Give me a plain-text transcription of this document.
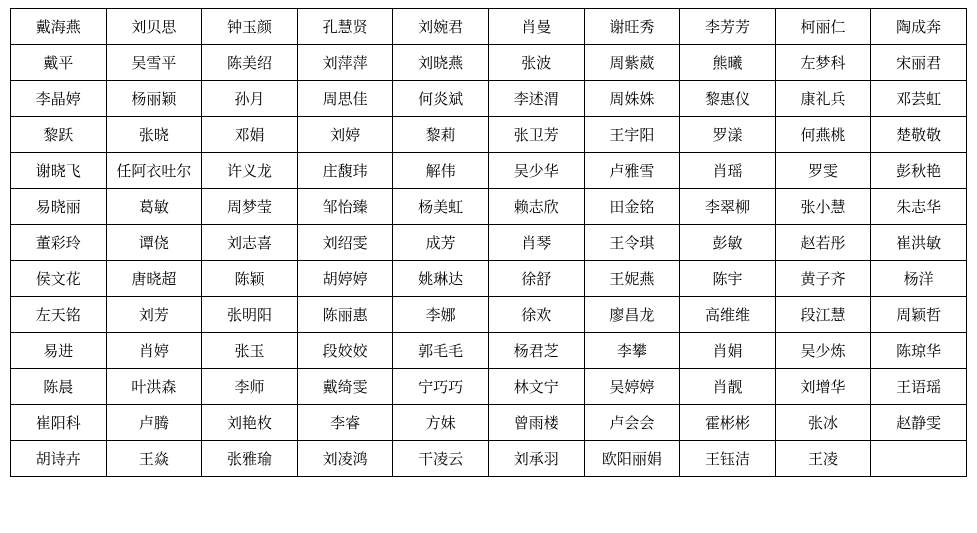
戴海燕	刘贝思	钟玉颜	孔慧贤	刘婉君	肖曼	谢旺秀	李芳芳	柯丽仁	陶成奔
戴平	吴雪平	陈美绍	刘萍萍	刘晓燕	张波	周紫葳	熊曦	左梦科	宋丽君
李晶婷	杨丽颖	孙月	周思佳	何炎斌	李述渭	周姝姝	黎惠仪	康礼兵	邓芸虹
黎跃	张晓	邓娟	刘婷	黎莉	张卫芳	王宇阳	罗漾	何燕桃	楚敬敬
谢晓飞	任阿衣吐尔	许义龙	庄馥玮	解伟	吴少华	卢雅雪	肖瑶	罗雯	彭秋艳
易晓丽	葛敏	周梦莹	邹怡臻	杨美虹	赖志欣	田金铭	李翠柳	张小慧	朱志华
董彩玲	谭侥	刘志喜	刘绍雯	成芳	肖琴	王令琪	彭敏	赵若彤	崔洪敏
侯文花	唐晓超	陈颖	胡婷婷	姚琳达	徐舒	王妮燕	陈宇	黄子齐	杨洋
左天铭	刘芳	张明阳	陈丽惠	李娜	徐欢	廖昌龙	高维维	段江慧	周颖哲
易进	肖婷	张玉	段姣姣	郭毛毛	杨君芝	李攀	肖娟	吴少炼	陈琼华
陈晨	叶洪森	李师	戴绮雯	宁巧巧	林文宁	吴婷婷	肖靓	刘增华	王语瑶
崔阳科	卢腾	刘艳枚	李睿	方妹	曾雨楼	卢会会	霍彬彬	张冰	赵静雯
胡诗卉	王焱	张雅瑜	刘凌鸿	干凌云	刘承羽	欧阳丽娟	王钰洁	王凌	
